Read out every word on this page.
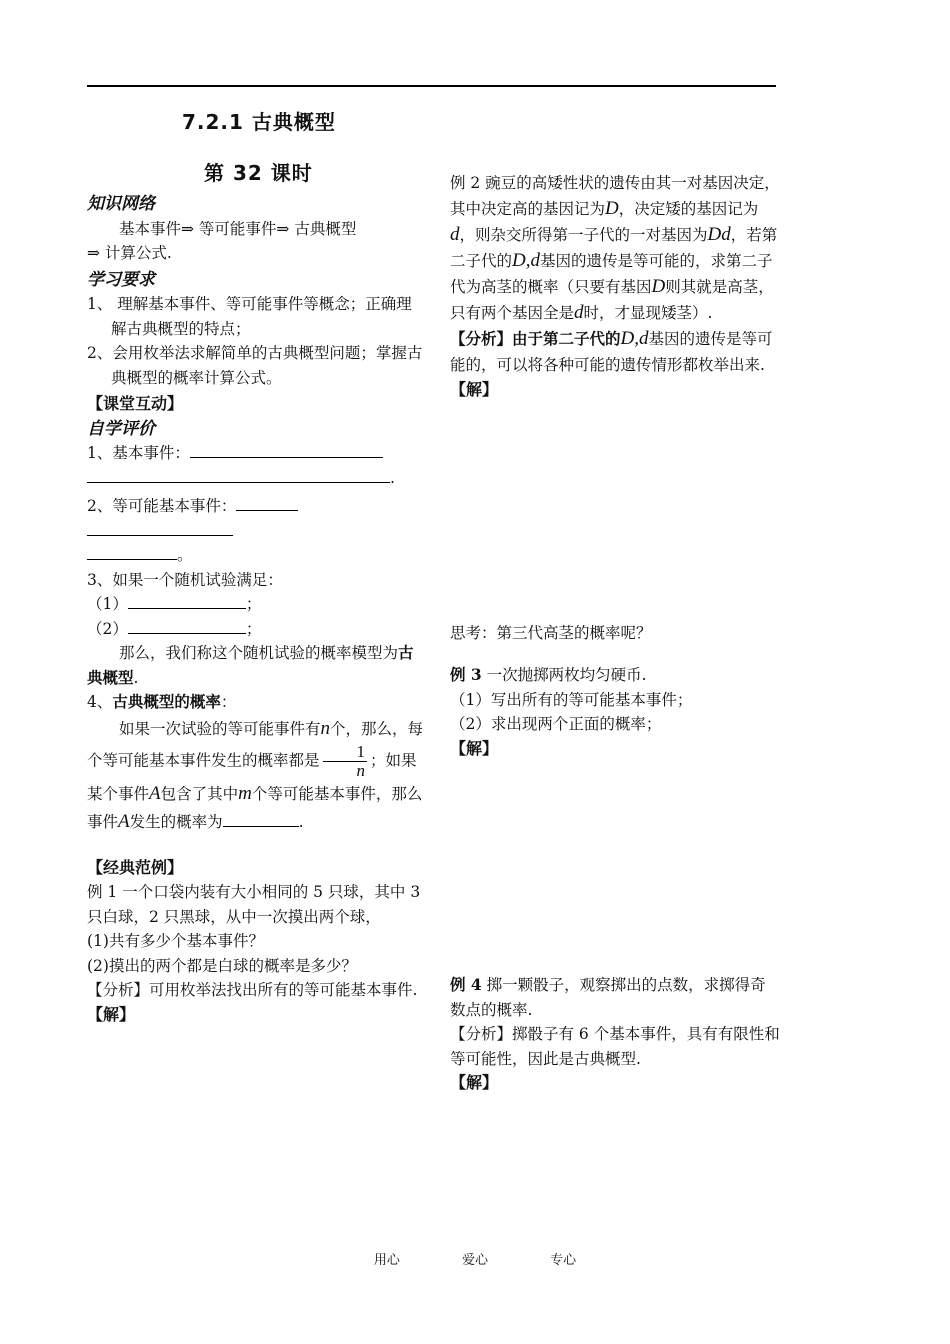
7.2.1 古典概型
第 32 课时
知识网络
基本事件⇒ 等可能事件⇒ 古典概型
⇒ 计算公式.
学习要求
1、 理解基本事件、等可能事件等概念；正确理解古典概型的特点；
2、会用枚举法求解简单的古典概型问题；掌握古典概型的概率计算公式。
【课堂互动】
自学评价
1、基本事件：
.
2、等可能基本事件：
。
3、如果一个随机试验满足：
（1）	；
（2）	；
那么，我们称这个随机试验的概率模型为古典概型.
4、古典概型的概率：
如果一次试验的等可能事件有n个，那么，每个等可能基本事件发生的概率都是 $\frac{1}{n}$ ；如果某个事件A包含了其中m个等可能基本事件，那么事件A发生的概率为	.
【经典范例】
例 1 一个口袋内装有大小相同的 5 只球，其中 3 只白球，2 只黑球，从中一次摸出两个球，
(1)共有多少个基本事件？
(2)摸出的两个都是白球的概率是多少？
【分析】可用枚举法找出所有的等可能基本事件.
【解】
例 2 豌豆的高矮性状的遗传由其一对基因决定，其中决定高的基因记为D，决定矮的基因记为d，则杂交所得第一子代的一对基因为Dd，若第二子代的D,d基因的遗传是等可能的，求第二子代为高茎的概率（只要有基因D则其就是高茎，只有两个基因全是d时，才显现矮茎）.
【分析】由于第二子代的D,d基因的遗传是等可能的，可以将各种可能的遗传情形都枚举出来.
【解】
思考：第三代高茎的概率呢？
例 3 一次抛掷两枚均匀硬币.
（1）写出所有的等可能基本事件；
（2）求出现两个正面的概率；
【解】
例 4 掷一颗骰子，观察掷出的点数，求掷得奇数点的概率.
【分析】掷骰子有 6 个基本事件，具有有限性和等可能性，因此是古典概型.
【解】
用心	爱心	专心
